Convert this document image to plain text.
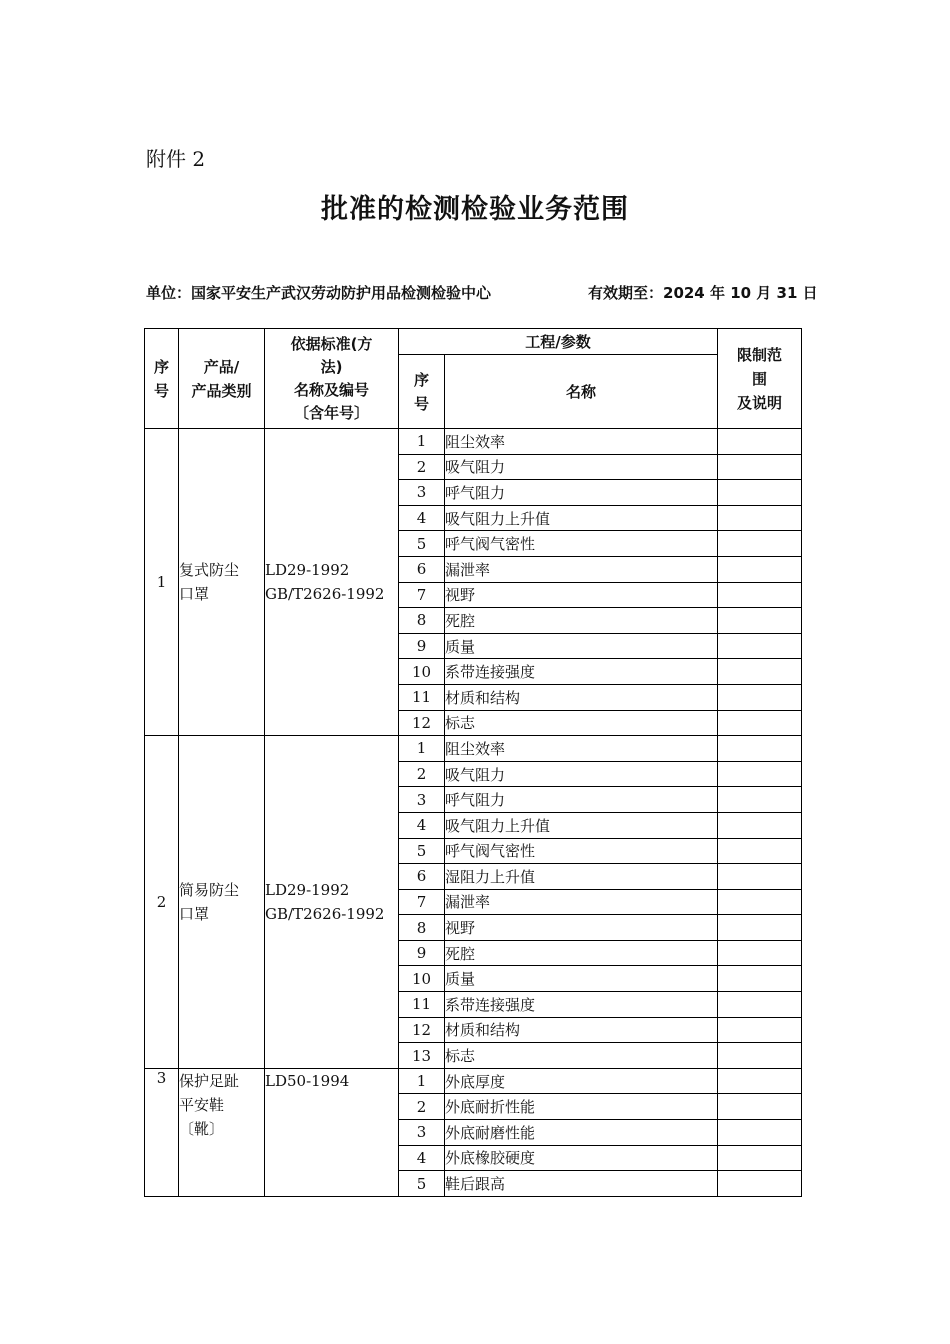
附件 2
批准的检测检验业务范围
单位：国家平安生产武汉劳动防护用品检测检验中心	有效期至：2024 年 10 月 31 日
序
号	产品/
产品类别	依据标准(方
法)
名称及编号
〔含年号〕	工程/参数		限制范
围
及说明
			序
号	名称	
1	复式防尘
口罩	LD29-1992
GB/T2626-1992	1	阻尘效率	
			2	吸气阻力	
			3	呼气阻力	
			4	吸气阻力上升值	
			5	呼气阀气密性	
			6	漏泄率	
			7	视野	
			8	死腔	
			9	质量	
			10	系带连接强度	
			11	材质和结构	
			12	标志	
2	简易防尘
口罩	LD29-1992
GB/T2626-1992	1	阻尘效率	
			2	吸气阻力	
			3	呼气阻力	
			4	吸气阻力上升值	
			5	呼气阀气密性	
			6	湿阻力上升值	
			7	漏泄率	
			8	视野	
			9	死腔	
			10	质量	
			11	系带连接强度	
			12	材质和结构	
			13	标志	
3	保护足趾
平安鞋
〔靴〕	LD50-1994	1	外底厚度	
			2	外底耐折性能	
			3	外底耐磨性能	
			4	外底橡胶硬度	
			5	鞋后跟高	
